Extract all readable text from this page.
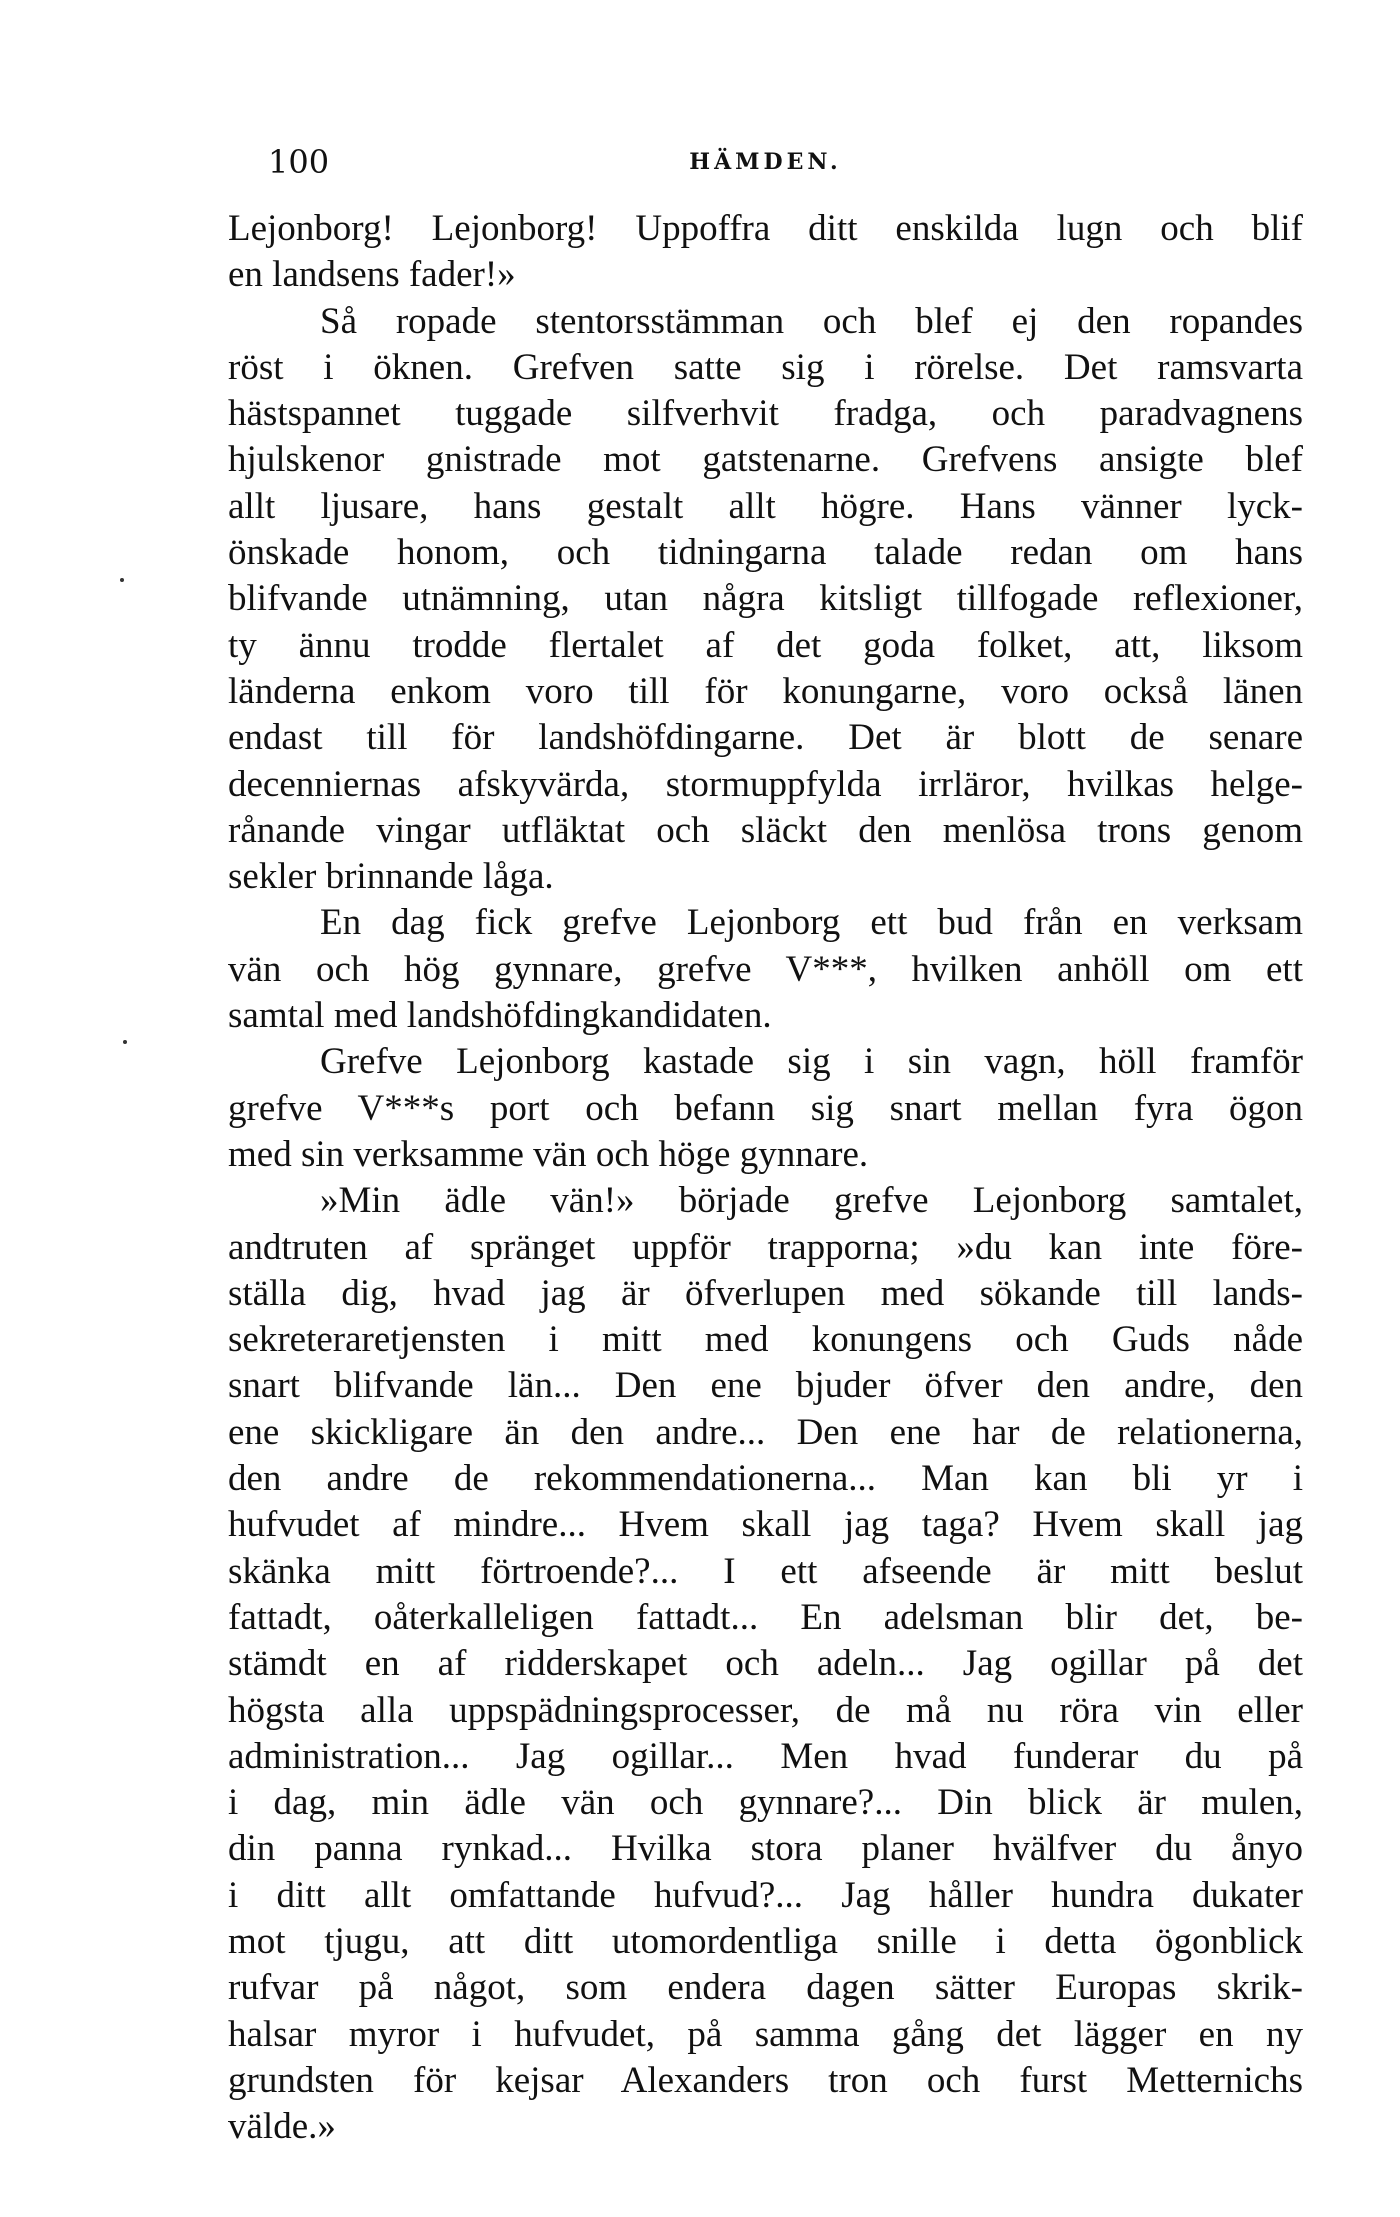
100	HÄMDEN.
Lejonborg! Lejonborg! Uppoffra ditt enskilda lugn och blif
en landsens fader!»
Så ropade stentorsstämman och blef ej den ropandes
röst i öknen. Grefven satte sig i rörelse. Det ramsvarta
hästspannet tuggade silfverhvit fradga, och paradvagnens
hjulskenor gnistrade mot gatstenarne. Grefvens ansigte blef
allt ljusare, hans gestalt allt högre. Hans vänner lyck-
önskade honom, och tidningarna talade redan om hans
blifvande utnämning, utan några kitsligt tillfogade reflexioner,
ty ännu trodde flertalet af det goda folket, att, liksom
länderna enkom voro till för konungarne, voro också länen
endast till för landshöfdingarne. Det är blott de senare
decenniernas afskyvärda, stormuppfylda irrläror, hvilkas helge-
rånande vingar utfläktat och släckt den menlösa trons genom
sekler brinnande låga.
En dag fick grefve Lejonborg ett bud från en verksam
vän och hög gynnare, grefve V***, hvilken anhöll om ett
samtal med landshöfdingkandidaten.
Grefve Lejonborg kastade sig i sin vagn, höll framför
grefve V***s port och befann sig snart mellan fyra ögon
med sin verksamme vän och höge gynnare.
»Min ädle vän!» började grefve Lejonborg samtalet,
andtruten af spränget uppför trapporna; »du kan inte före-
ställa dig, hvad jag är öfverlupen med sökande till lands-
sekreteraretjensten i mitt med konungens och Guds nåde
snart blifvande län... Den ene bjuder öfver den andre, den
ene skickligare än den andre... Den ene har de relationerna,
den andre de rekommendationerna... Man kan bli yr i
hufvudet af mindre... Hvem skall jag taga? Hvem skall jag
skänka mitt förtroende?... I ett afseende är mitt beslut
fattadt, oåterkalleligen fattadt... En adelsman blir det, be-
stämdt en af ridderskapet och adeln... Jag ogillar på det
högsta alla uppspädningsprocesser, de må nu röra vin eller
administration... Jag ogillar... Men hvad funderar du på
i dag, min ädle vän och gynnare?... Din blick är mulen,
din panna rynkad... Hvilka stora planer hvälfver du ånyo
i ditt allt omfattande hufvud?... Jag håller hundra dukater
mot tjugu, att ditt utomordentliga snille i detta ögonblick
rufvar på något, som endera dagen sätter Europas skrik-
halsar myror i hufvudet, på samma gång det lägger en ny
grundsten för kejsar Alexanders tron och furst Metternichs
välde.»
